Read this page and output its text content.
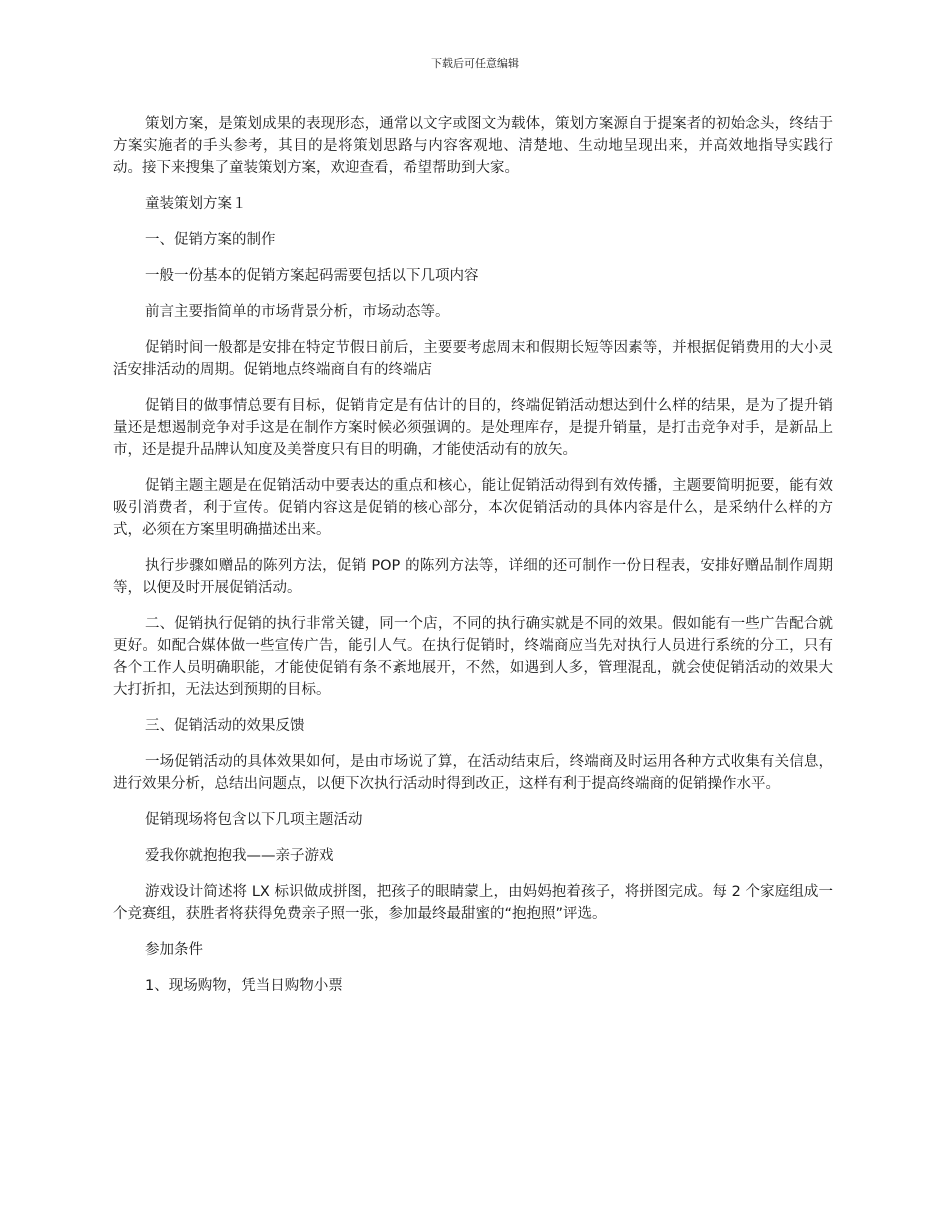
下载后可任意编辑

策划方案，是策划成果的表现形态，通常以文字或图文为载体，策划方案源自于提案者的初始念头，终结于方案实施者的手头参考，其目的是将策划思路与内容客观地、清楚地、生动地呈现出来，并高效地指导实践行动。接下来搜集了童装策划方案，欢迎查看，希望帮助到大家。

童装策划方案１

一、促销方案的制作

一般一份基本的促销方案起码需要包括以下几项内容

前言主要指简单的市场背景分析，市场动态等。

促销时间一般都是安排在特定节假日前后，主要要考虑周末和假期长短等因素等，并根据促销费用的大小灵活安排活动的周期。促销地点终端商自有的终端店

促销目的做事情总要有目标，促销肯定是有估计的目的，终端促销活动想达到什么样的结果，是为了提升销量还是想遏制竞争对手这是在制作方案时候必须强调的。是处理库存，是提升销量，是打击竞争对手，是新品上市，还是提升品牌认知度及美誉度只有目的明确，才能使活动有的放矢。

促销主题主题是在促销活动中要表达的重点和核心，能让促销活动得到有效传播，主题要简明扼要，能有效吸引消费者，利于宣传。促销内容这是促销的核心部分，本次促销活动的具体内容是什么，是采纳什么样的方式，必须在方案里明确描述出来。

执行步骤如赠品的陈列方法，促销 POP 的陈列方法等，详细的还可制作一份日程表，安排好赠品制作周期等，以便及时开展促销活动。

二、促销执行促销的执行非常关键，同一个店，不同的执行确实就是不同的效果。假如能有一些广告配合就更好。如配合媒体做一些宣传广告，能引人气。在执行促销时，终端商应当先对执行人员进行系统的分工，只有各个工作人员明确职能，才能使促销有条不紊地展开，不然，如遇到人多，管理混乱，就会使促销活动的效果大大打折扣，无法达到预期的目标。

三、促销活动的效果反馈

一场促销活动的具体效果如何，是由市场说了算，在活动结束后，终端商及时运用各种方式收集有关信息，进行效果分析，总结出问题点，以便下次执行活动时得到改正，这样有利于提高终端商的促销操作水平。

促销现场将包含以下几项主题活动

爱我你就抱抱我——亲子游戏

游戏设计简述将 LX 标识做成拼图，把孩子的眼睛蒙上，由妈妈抱着孩子，将拼图完成。每 2 个家庭组成一个竞赛组，获胜者将获得免费亲子照一张，参加最终最甜蜜的“抱抱照”评选。

参加条件

1、现场购物，凭当日购物小票
